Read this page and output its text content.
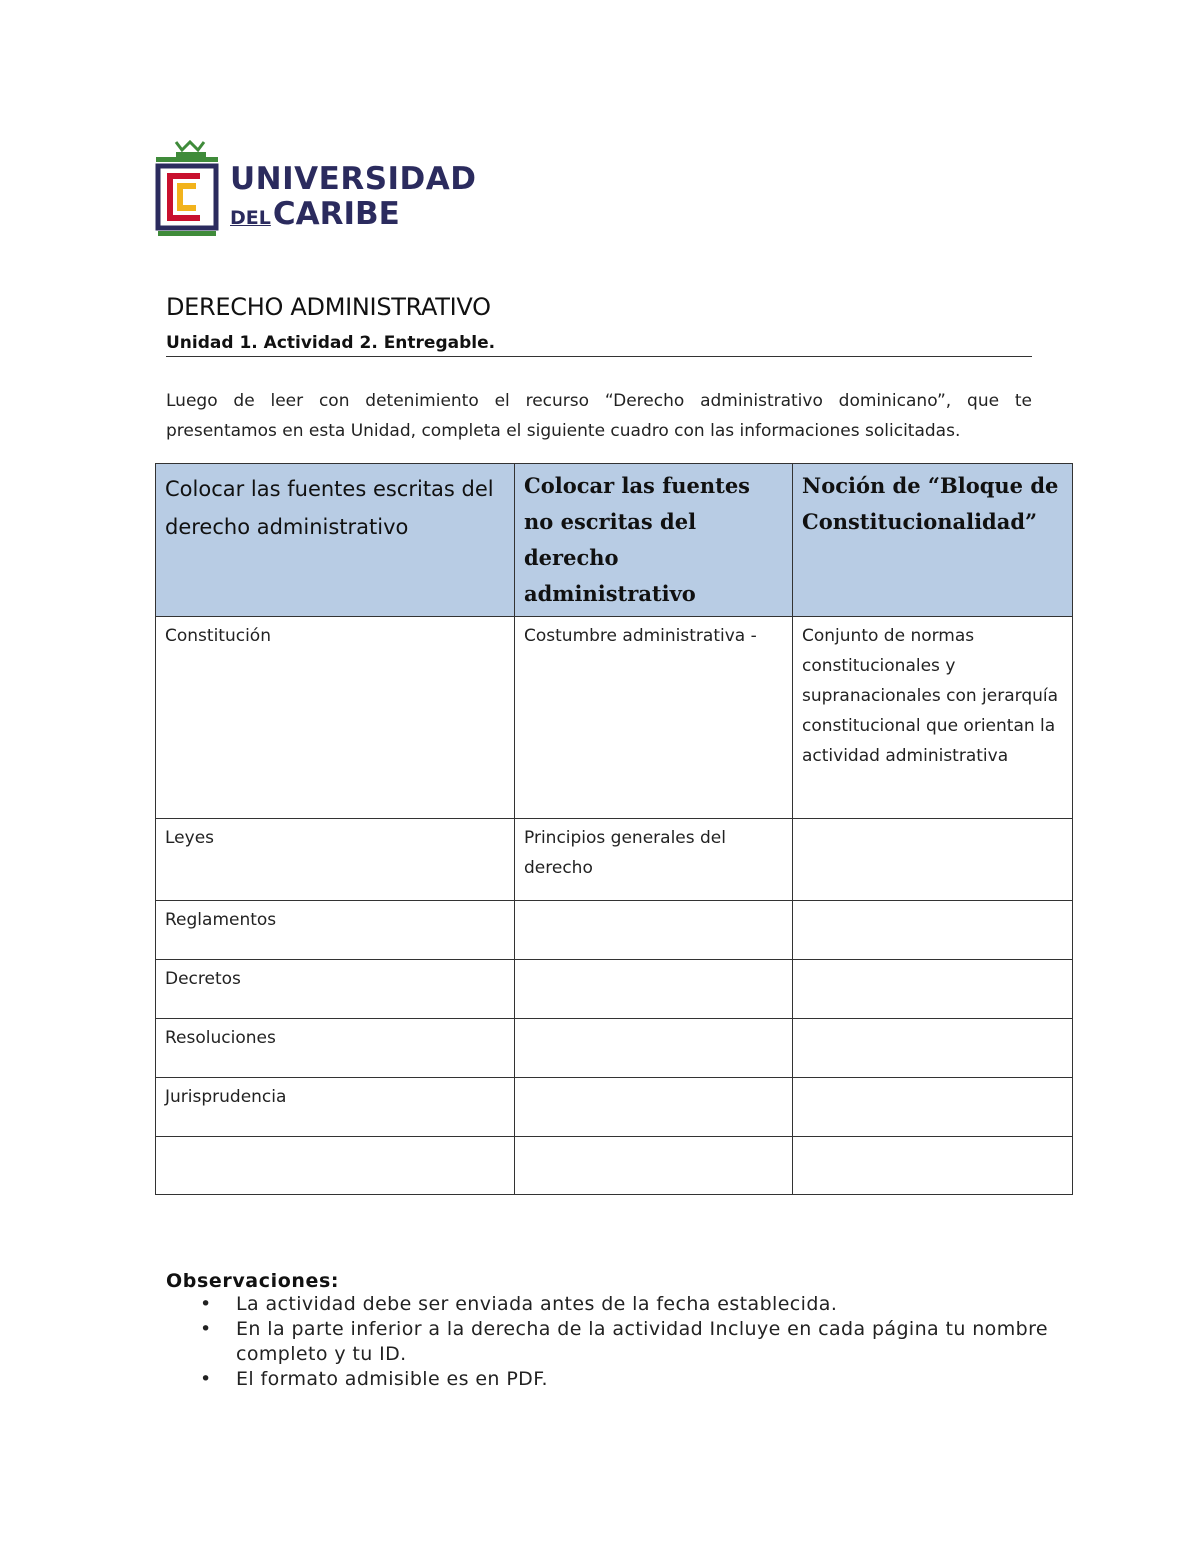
UNIVERSIDAD
DELCARIBE
DERECHO ADMINISTRATIVO
Unidad 1. Actividad 2. Entregable.

Luego de leer con detenimiento el recurso “Derecho administrativo dominicano”, que te presentamos en esta Unidad, completa el siguiente cuadro con las informaciones solicitadas.

Colocar las fuentes escritas del derecho administrativo	Colocar las fuentes no escritas del derecho administrativo	Noción de “Bloque de Constitucionalidad”

Constitución	Costumbre administrativa -	Conjunto de normas constitucionales y supranacionales con jerarquía constitucional que orientan la actividad administrativa
Leyes	Principios generales del derecho	
Reglamentos		
Decretos		
Resoluciones		
Jurisprudencia		

Observaciones:
• La actividad debe ser enviada antes de la fecha establecida.
• En la parte inferior a la derecha de la actividad Incluye en cada página tu nombre completo y tu ID.
• El formato admisible es en PDF.
